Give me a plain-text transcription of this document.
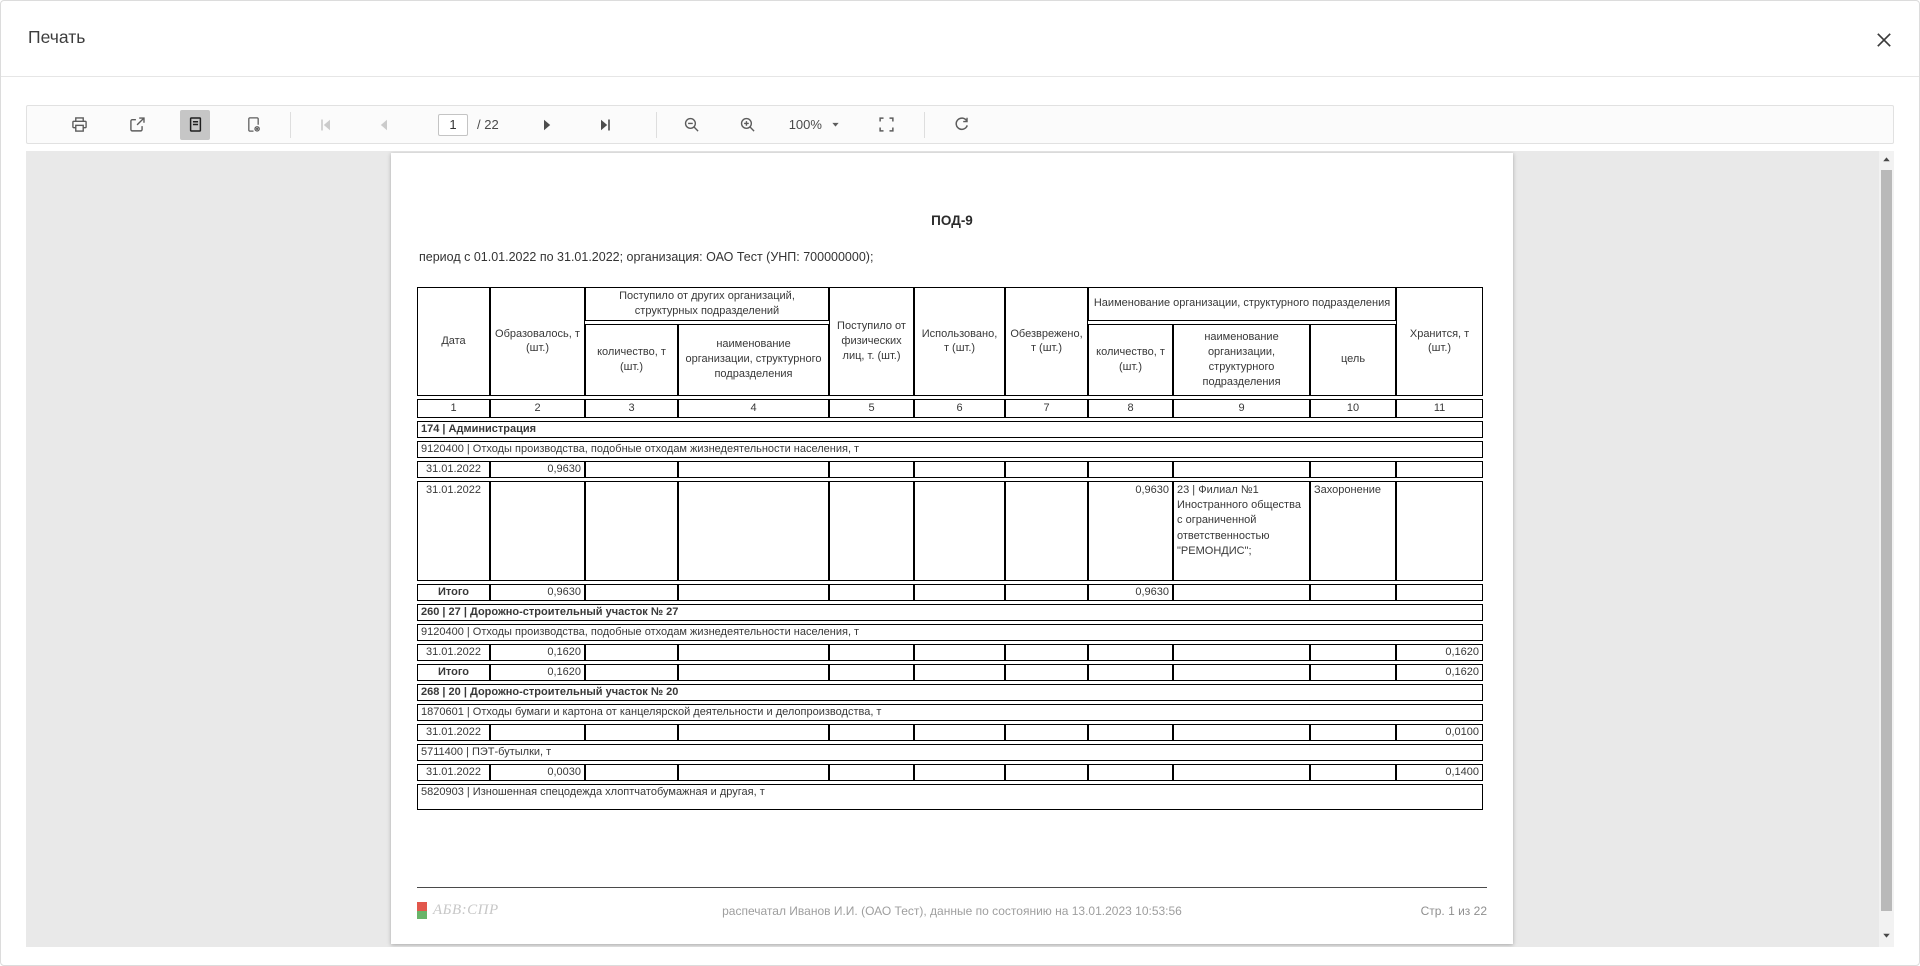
Печать
1
/ 22	100%
ПОД-9
период с 01.01.2022 по 31.01.2022; организация: ОАО Тест (УНП: 700000000);
Дата	Образовалось, т (шт.)	Поступило от других организаций, структурных подразделений		Поступило от физических лиц, т. (шт.)	Использовано, т (шт.)	Обезврежено, т (шт.)	Наименование организации, структурного подразделения			Хранится, т (шт.)
		количество, т (шт.)	наименование организации, структурного подразделения				количество, т (шт.)	наименование организации, структурного подразделения	цель	
1	2	3	4	5	6	7	8	9	10	11
174 | Администрация										
9120400 | Отходы производства, подобные отходам жизнедеятельности населения, т										
31.01.2022	0,9630									
31.01.2022							0,9630	23 | Филиал №1 Иностранного общества с ограниченной ответственностью "РЕМОНДИС";	Захоронение	
Итого	0,9630						0,9630			
260 | 27 | Дорожно-строительный участок № 27										
9120400 | Отходы производства, подобные отходам жизнедеятельности населения, т										
31.01.2022	0,1620									0,1620
Итого	0,1620									0,1620
268 | 20 | Дорожно-строительный участок № 20										
1870601 | Отходы бумаги и картона от канцелярской деятельности и делопроизводства, т										
31.01.2022										0,0100
5711400 | ПЭТ-бутылки, т										
31.01.2022	0,0030									0,1400
5820903 | Изношенная спецодежда хлоптчатобумажная и другая, т										
АБВ:СПР	распечатал Иванов И.И. (ОАО Тест), данные по состоянию на 13.01.2023 10:53:56	Стр. 1 из 22
